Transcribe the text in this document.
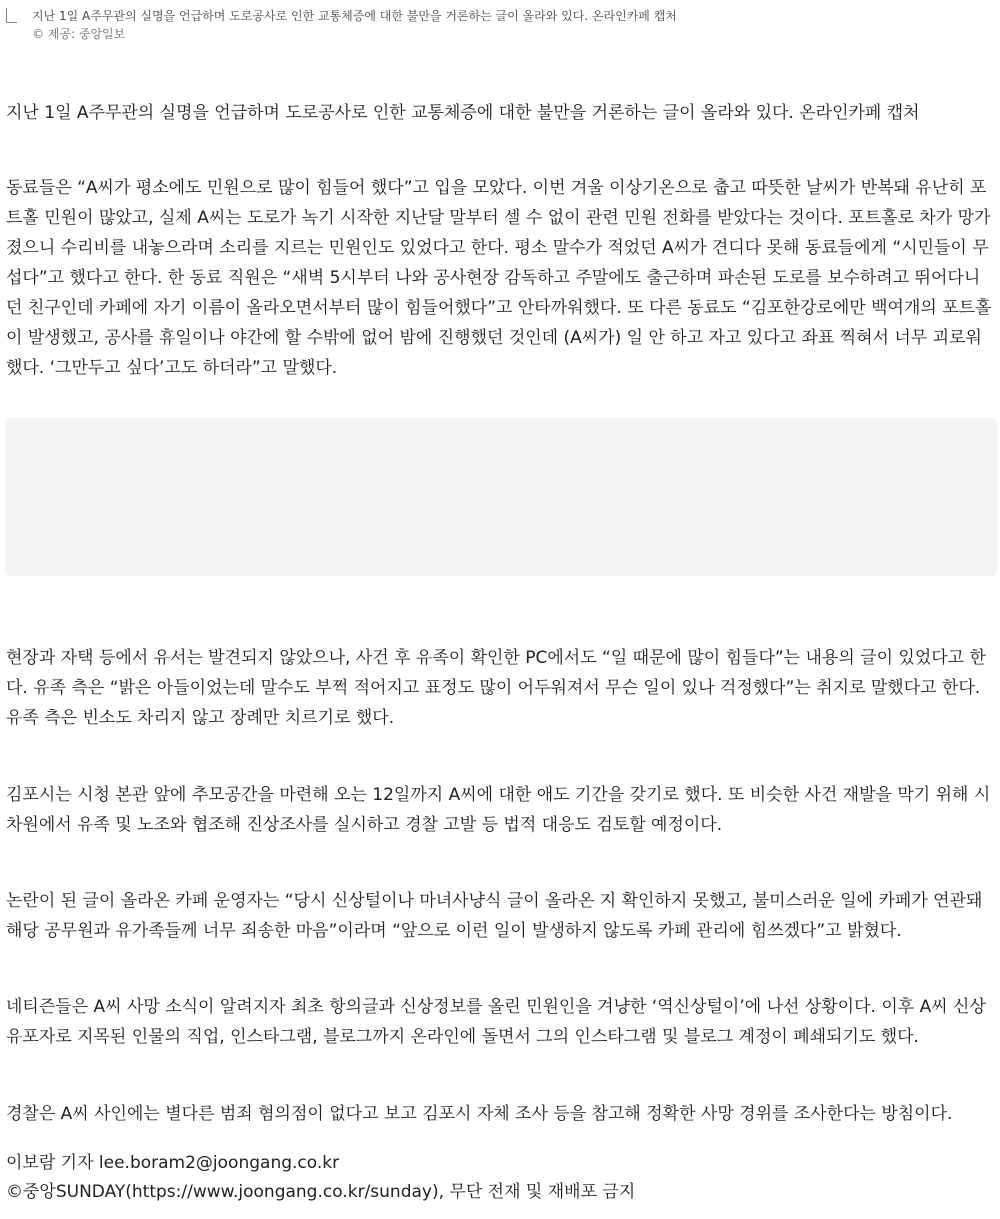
지난 1일 A주무관의 실명을 언급하며 도로공사로 인한 교통체증에 대한 불만을 거론하는 글이 올라와 있다. 온라인카페 캡처
© 제공: 중앙일보

지난 1일 A주무관의 실명을 언급하며 도로공사로 인한 교통체증에 대한 불만을 거론하는 글이 올라와 있다. 온라인카페 캡처

동료들은 “A씨가 평소에도 민원으로 많이 힘들어 했다”고 입을 모았다. 이번 겨울 이상기온으로 춥고 따뜻한 날씨가 반복돼 유난히 포트홀 민원이 많았고, 실제 A씨는 도로가 녹기 시작한 지난달 말부터 셀 수 없이 관련 민원 전화를 받았다는 것이다. 포트홀로 차가 망가졌으니 수리비를 내놓으라며 소리를 지르는 민원인도 있었다고 한다. 평소 말수가 적었던 A씨가 견디다 못해 동료들에게 “시민들이 무섭다”고 했다고 한다. 한 동료 직원은 “새벽 5시부터 나와 공사현장 감독하고 주말에도 출근하며 파손된 도로를 보수하려고 뛰어다니던 친구인데 카페에 자기 이름이 올라오면서부터 많이 힘들어했다”고 안타까워했다. 또 다른 동료도 “김포한강로에만 백여개의 포트홀이 발생했고, 공사를 휴일이나 야간에 할 수밖에 없어 밤에 진행했던 것인데 (A씨가) 일 안 하고 자고 있다고 좌표 찍혀서 너무 괴로워했다. ‘그만두고 싶다’고도 하더라”고 말했다.

현장과 자택 등에서 유서는 발견되지 않았으나, 사건 후 유족이 확인한 PC에서도 “일 때문에 많이 힘들다”는 내용의 글이 있었다고 한다. 유족 측은 “밝은 아들이었는데 말수도 부쩍 적어지고 표정도 많이 어두워져서 무슨 일이 있나 걱정했다”는 취지로 말했다고 한다. 유족 측은 빈소도 차리지 않고 장례만 치르기로 했다.

김포시는 시청 본관 앞에 추모공간을 마련해 오는 12일까지 A씨에 대한 애도 기간을 갖기로 했다. 또 비슷한 사건 재발을 막기 위해 시 차원에서 유족 및 노조와 협조해 진상조사를 실시하고 경찰 고발 등 법적 대응도 검토할 예정이다.

논란이 된 글이 올라온 카페 운영자는 “당시 신상털이나 마녀사냥식 글이 올라온 지 확인하지 못했고, 불미스러운 일에 카페가 연관돼 해당 공무원과 유가족들께 너무 죄송한 마음”이라며 “앞으로 이런 일이 발생하지 않도록 카페 관리에 힘쓰겠다”고 밝혔다.

네티즌들은 A씨 사망 소식이 알려지자 최초 항의글과 신상정보를 올린 민원인을 겨냥한 ‘역신상털이’에 나선 상황이다. 이후 A씨 신상 유포자로 지목된 인물의 직업, 인스타그램, 블로그까지 온라인에 돌면서 그의 인스타그램 및 블로그 계정이 폐쇄되기도 했다.

경찰은 A씨 사인에는 별다른 범죄 혐의점이 없다고 보고 김포시 자체 조사 등을 참고해 정확한 사망 경위를 조사한다는 방침이다.

이보람 기자 lee.boram2@joongang.co.kr
©중앙SUNDAY(https://www.joongang.co.kr/sunday), 무단 전재 및 재배포 금지
